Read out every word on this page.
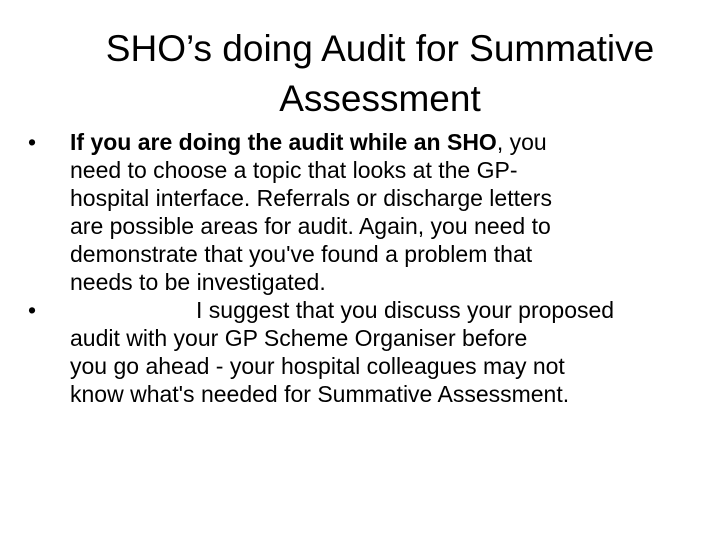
SHO’s doing Audit for Summative
Assessment
•	If you are doing the audit while an SHO, you
need to choose a topic that looks at the GP-
hospital interface. Referrals or discharge letters
are possible areas for audit. Again, you need to
demonstrate that you've found a problem that
needs to be investigated.
•	I suggest that you discuss your proposed
audit with your GP Scheme Organiser before
you go ahead - your hospital colleagues may not
know what's needed for Summative Assessment.
